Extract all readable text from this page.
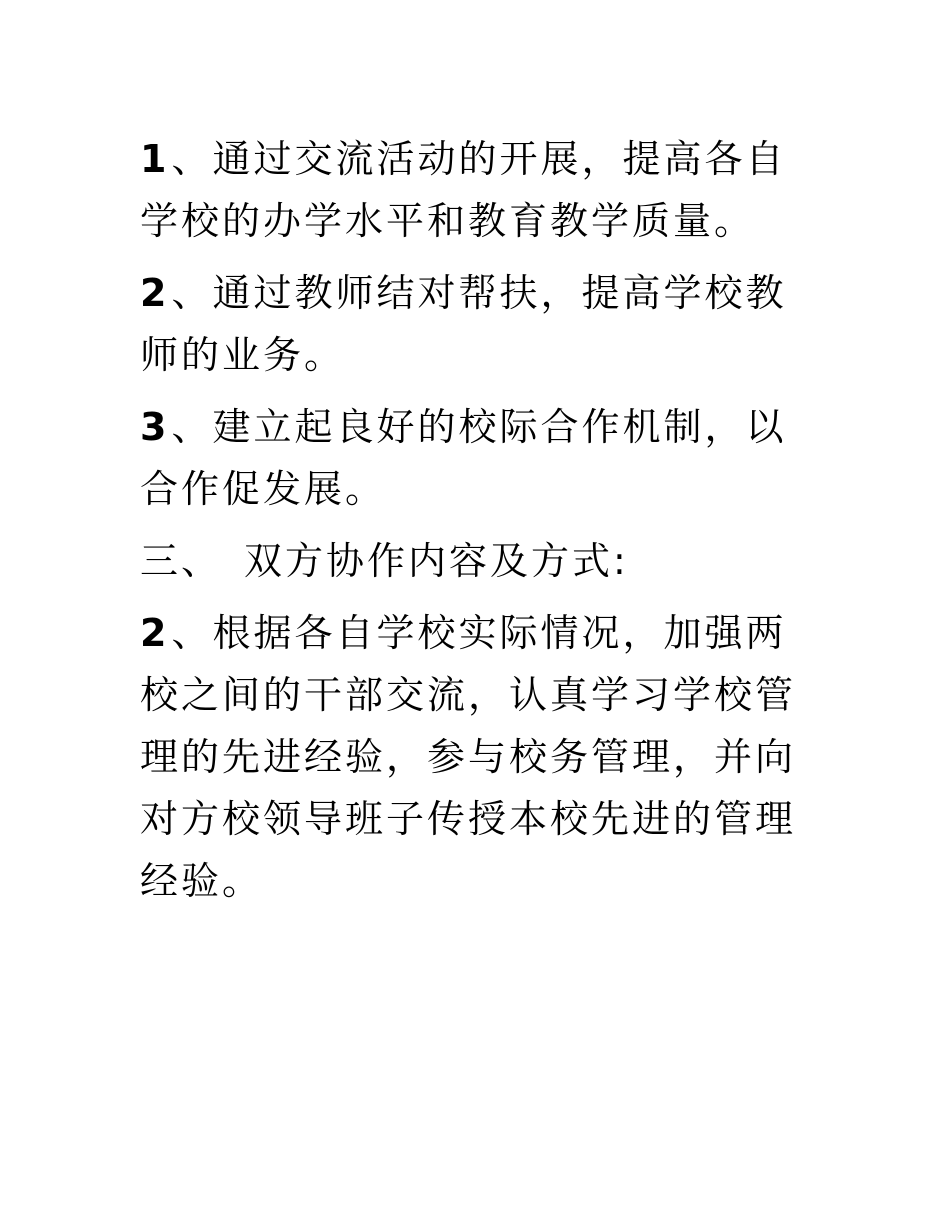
1、通过交流活动的开展，提高各自学校的办学水平和教育教学质量。

2、通过教师结对帮扶，提高学校教师的业务。

3、建立起良好的校际合作机制，以合作促发展。

三、 双方协作内容及方式:

2、根据各自学校实际情况，加强两校之间的干部交流，认真学习学校管理的先进经验，参与校务管理，并向对方校领导班子传授本校先进的管理经验。
